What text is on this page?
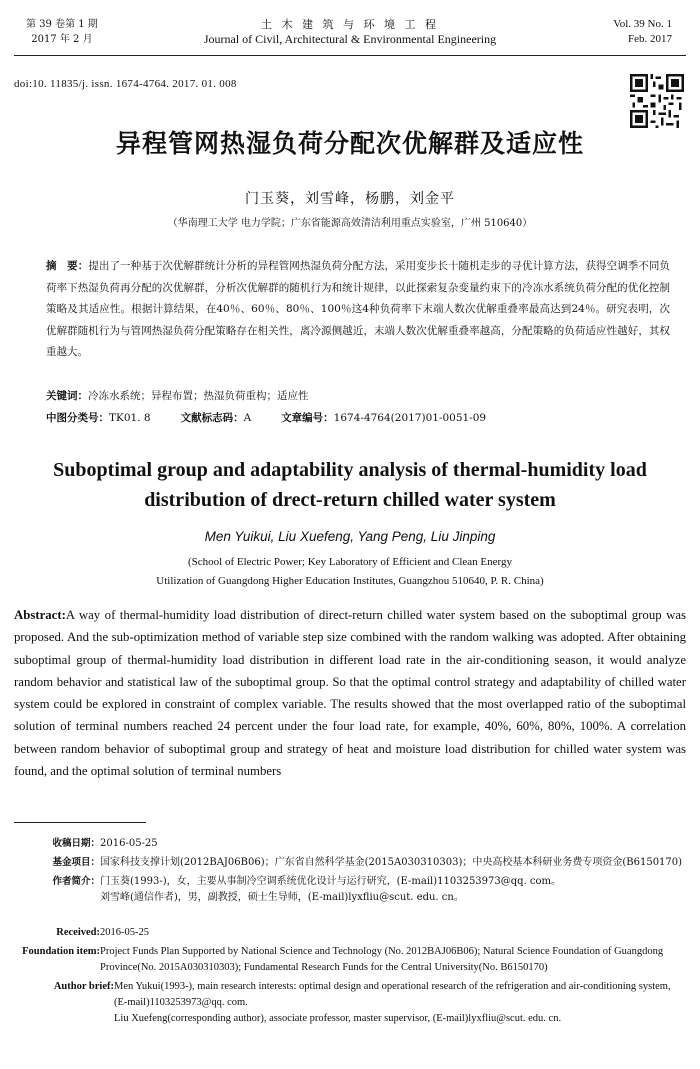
第 39 卷第 1 期
2017 年 2 月
土 木 建 筑 与 环 境 工 程
Journal of Civil, Architectural & Environmental Engineering
Vol. 39 No. 1
Feb. 2017
doi:10. 11835/j. issn. 1674-4764. 2017. 01. 008
异程管网热湿负荷分配次优解群及适应性
门玉葵，刘雪峰，杨鹏，刘金平
（华南理工大学 电力学院；广东省能源高效清洁利用重点实验室，广州 510640）
摘　要：提出了一种基于次优解群统计分析的异程管网热湿负荷分配方法，采用变步长十随机走步的寻优计算方法，获得空调季不同负荷率下热湿负荷再分配的次优解群，分析次优解群的随机行为和统计规律，以此探索复杂变量约束下的冷冻水系统负荷分配的优化控制策略及其适应性。根据计算结果，在40％、60％、80％、100％这4种负荷率下末端人数次优解重叠率最高达到24％。研究表明，次优解群随机行为与管网热湿负荷分配策略存在相关性，离冷源侧越近，末端人数次优解重叠率越高，分配策略的负荷适应性越好，其权重越大。
关键词：冷冻水系统；异程布置；热湿负荷重构；适应性
中图分类号：TK01. 8	文献标志码：A	文章编号：1674-4764(2017)01-0051-09
Suboptimal group and adaptability analysis of thermal-humidity load distribution of drect-return chilled water system
Men Yuikui, Liu Xuefeng, Yang Peng, Liu Jinping
(School of Electric Power; Key Laboratory of Efficient and Clean Energy
Utilization of Guangdong Higher Education Institutes, Guangzhou 510640, P. R. China)
Abstract:A way of thermal-humidity load distribution of direct-return chilled water system based on the suboptimal group was proposed. And the sub-optimization method of variable step size combined with the random walking was adopted. After obtaining suboptimal group of thermal-humidity load distribution in different load rate in the air-conditioning season, it would analyze random behavior and statistical law of the suboptimal group. So that the optimal control strategy and adaptability of chilled water system could be explored in constraint of complex variable. The results showed that the most overlapped ratio of the suboptimal solution of terminal numbers reached 24 percent under the four load rate, for example, 40%, 60%, 80%, 100%. A correlation between random behavior of suboptimal group and strategy of heat and moisture load distribution for chilled water system was found, and the optimal solution of terminal numbers
收稿日期： 2016-05-25
基金项目： 国家科技支撑计划(2012BAJ06B06)；广东省自然科学基金(2015A030310303)；中央高校基本科研业务费专项资金(B6150170)
作者简介： 门玉葵(1993-)，女，主要从事制冷空调系统优化设计与运行研究，(E-mail)1103253973@qq. com。
刘雪峰(通信作者)，男，副教授，硕士生导师，(E-mail)lyxfliu@scut. edu. cn。
Received: 2016-05-25
Foundation item: Project Funds Plan Supported by National Science and Technology (No. 2012BAJ06B06); Natural Science Foundation of Guangdong Province(No. 2015A030310303); Fundamental Research Funds for the Central University(No. B6150170)
Author brief: Men Yukui(1993-), main research interests: optimal design and operational research of the refrigeration and air-conditioning system, (E-mail)1103253973@qq. com.
Liu Xuefeng(corresponding author), associate professor, master supervisor, (E-mail)lyxfliu@scut. edu. cn.
